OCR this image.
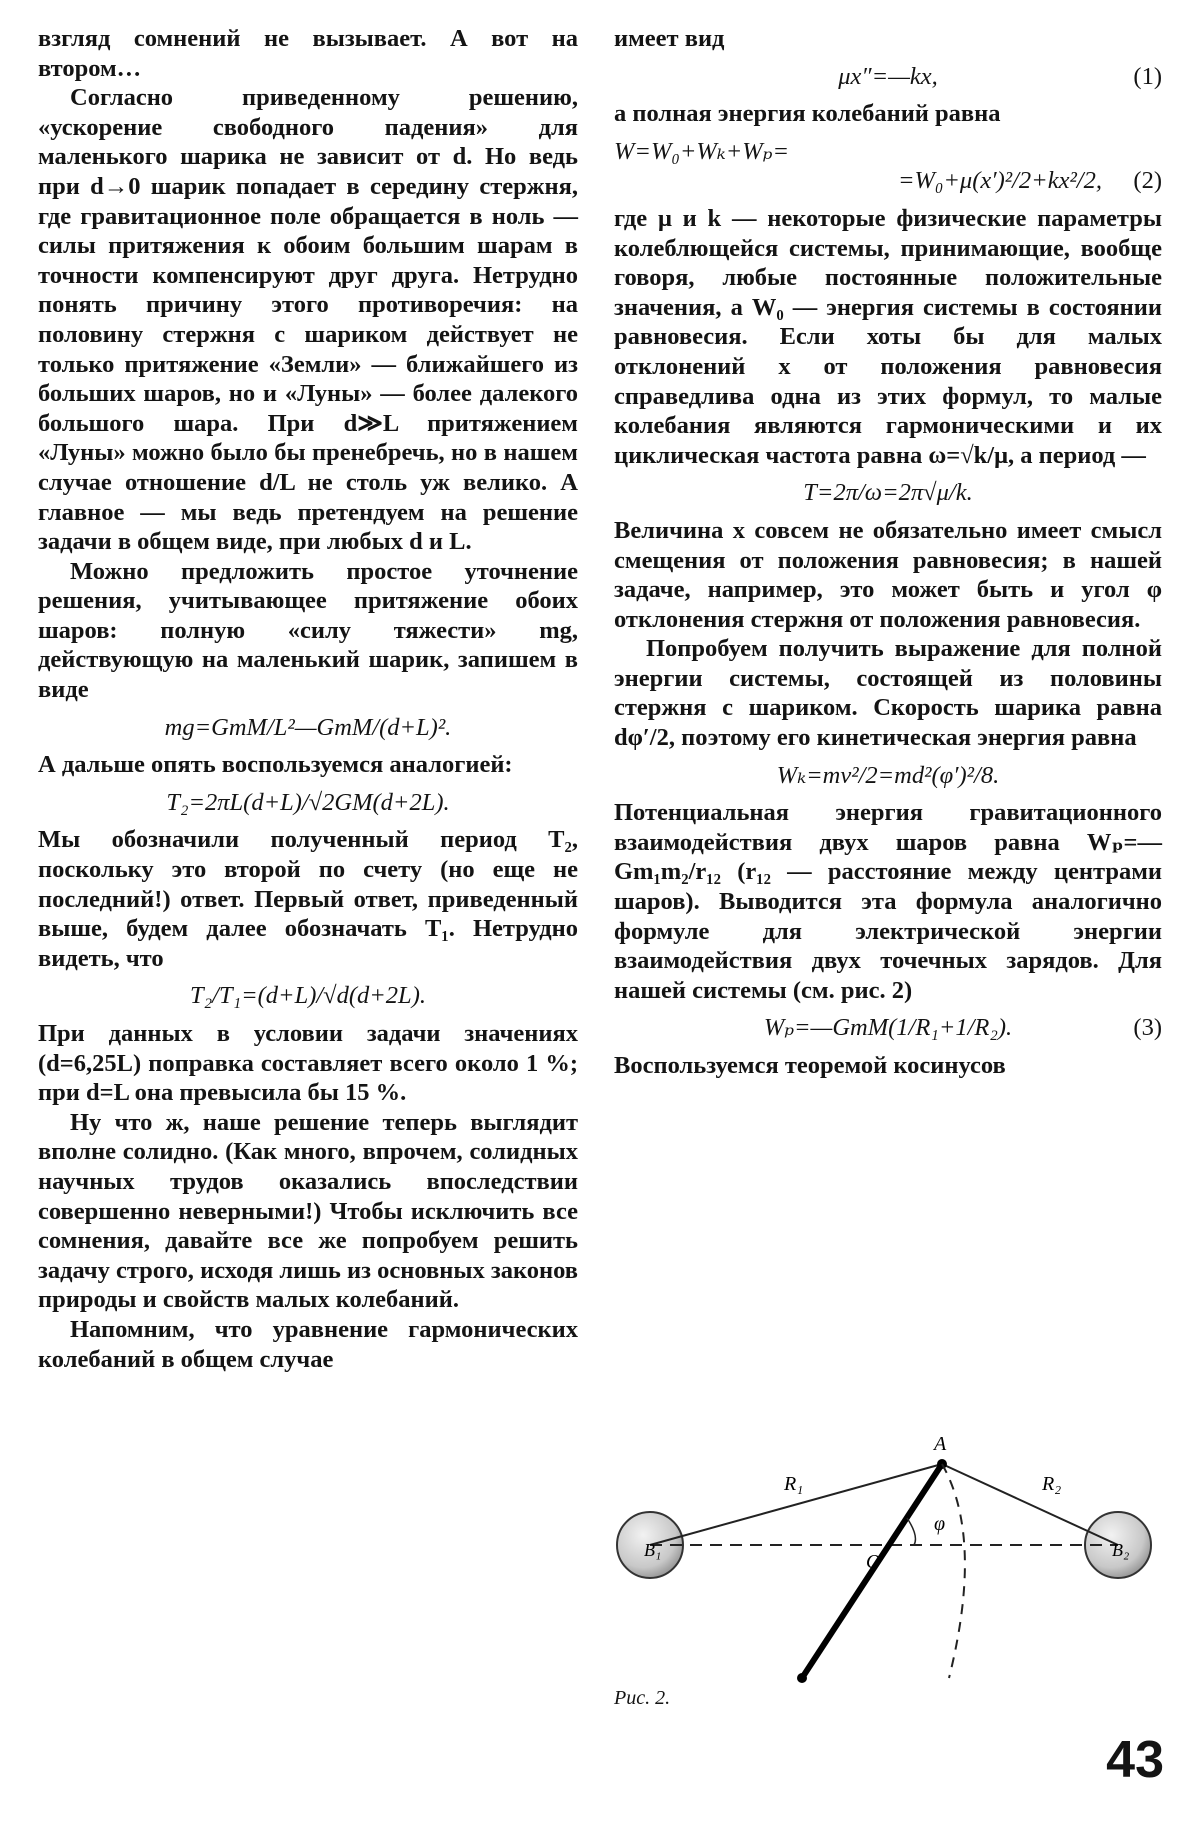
взгляд сомнений не вызывает. А вот на втором…

Согласно приведенному решению, «ускорение свободного падения» для маленького шарика не зависит от d. Но ведь при d→0 шарик попадает в середину стержня, где гравитационное поле обращается в ноль — силы притяжения к обоим большим шарам в точности компенсируют друг друга. Нетрудно понять причину этого противоречия: на половину стержня с шариком действует не только притяжение «Земли» — ближайшего из больших шаров, но и «Луны» — более далекого большого шара. При d≫L притяжением «Луны» можно было бы пренебречь, но в нашем случае отношение d/L не столь уж велико. А главное — мы ведь претендуем на решение задачи в общем виде, при любых d и L.

Можно предложить простое уточнение решения, учитывающее притяжение обоих шаров: полную «силу тяжести» mg, действующую на маленький шарик, запишем в виде

mg=GmM/L²—GmM/(d+L)².

А дальше опять воспользуемся аналогией:

T₂=2πL(d+L)/√2GM(d+2L).

Мы обозначили полученный период T₂, поскольку это второй по счету (но еще не последний!) ответ. Первый ответ, приведенный выше, будем далее обозначать T₁. Нетрудно видеть, что

T₂/T₁=(d+L)/√d(d+2L).

При данных в условии задачи значениях (d=6,25L) поправка составляет всего около 1 %; при d=L она превысила бы 15 %.

Ну что ж, наше решение теперь выглядит вполне солидно. (Как много, впрочем, солидных научных трудов оказались впоследствии совершенно неверными!) Чтобы исключить все сомнения, давайте все же попробуем решить задачу строго, исходя лишь из основных законов природы и свойств малых колебаний.

Напомним, что уравнение гармонических колебаний в общем случае

имеет вид

μx″=—kx,	(1)

а полная энергия колебаний равна

W=W₀+Wₖ+Wₚ=
=W₀+μ(x′)²/2+kx²/2, (2)

где μ и k — некоторые физические параметры колеблющейся системы, принимающие, вообще говоря, любые постоянные положительные значения, а W₀ — энергия системы в состоянии равновесия. Если хоты бы для малых отклонений x от положения равновесия справедлива одна из этих формул, то малые колебания являются гармоническими и их циклическая частота равна ω=√k/μ, а период —

T=2π/ω=2π√μ/k.

Величина x совсем не обязательно имеет смысл смещения от положения равновесия; в нашей задаче, например, это может быть и угол φ отклонения стержня от положения равновесия.

Попробуем получить выражение для полной энергии системы, состоящей из половины стержня с шариком. Скорость шарика равна dφ′/2, поэтому его кинетическая энергия равна

Wₖ=mv²/2=md²(φ′)²/8.

Потенциальная энергия гравитационного взаимодействия двух шаров равна Wₚ=—Gm₁m₂/r₁₂ (r₁₂ — расстояние между центрами шаров). Выводится эта формула аналогично формуле для электрической энергии взаимодействия двух точечных зарядов. Для нашей системы (см. рис. 2)

Wₚ=—GmM(1/R₁+1/R₂).	(3)

Воспользуемся теоремой косинусов

A
O
B₁	B₂
R₁	R₂
φ
Рис. 2.
43
